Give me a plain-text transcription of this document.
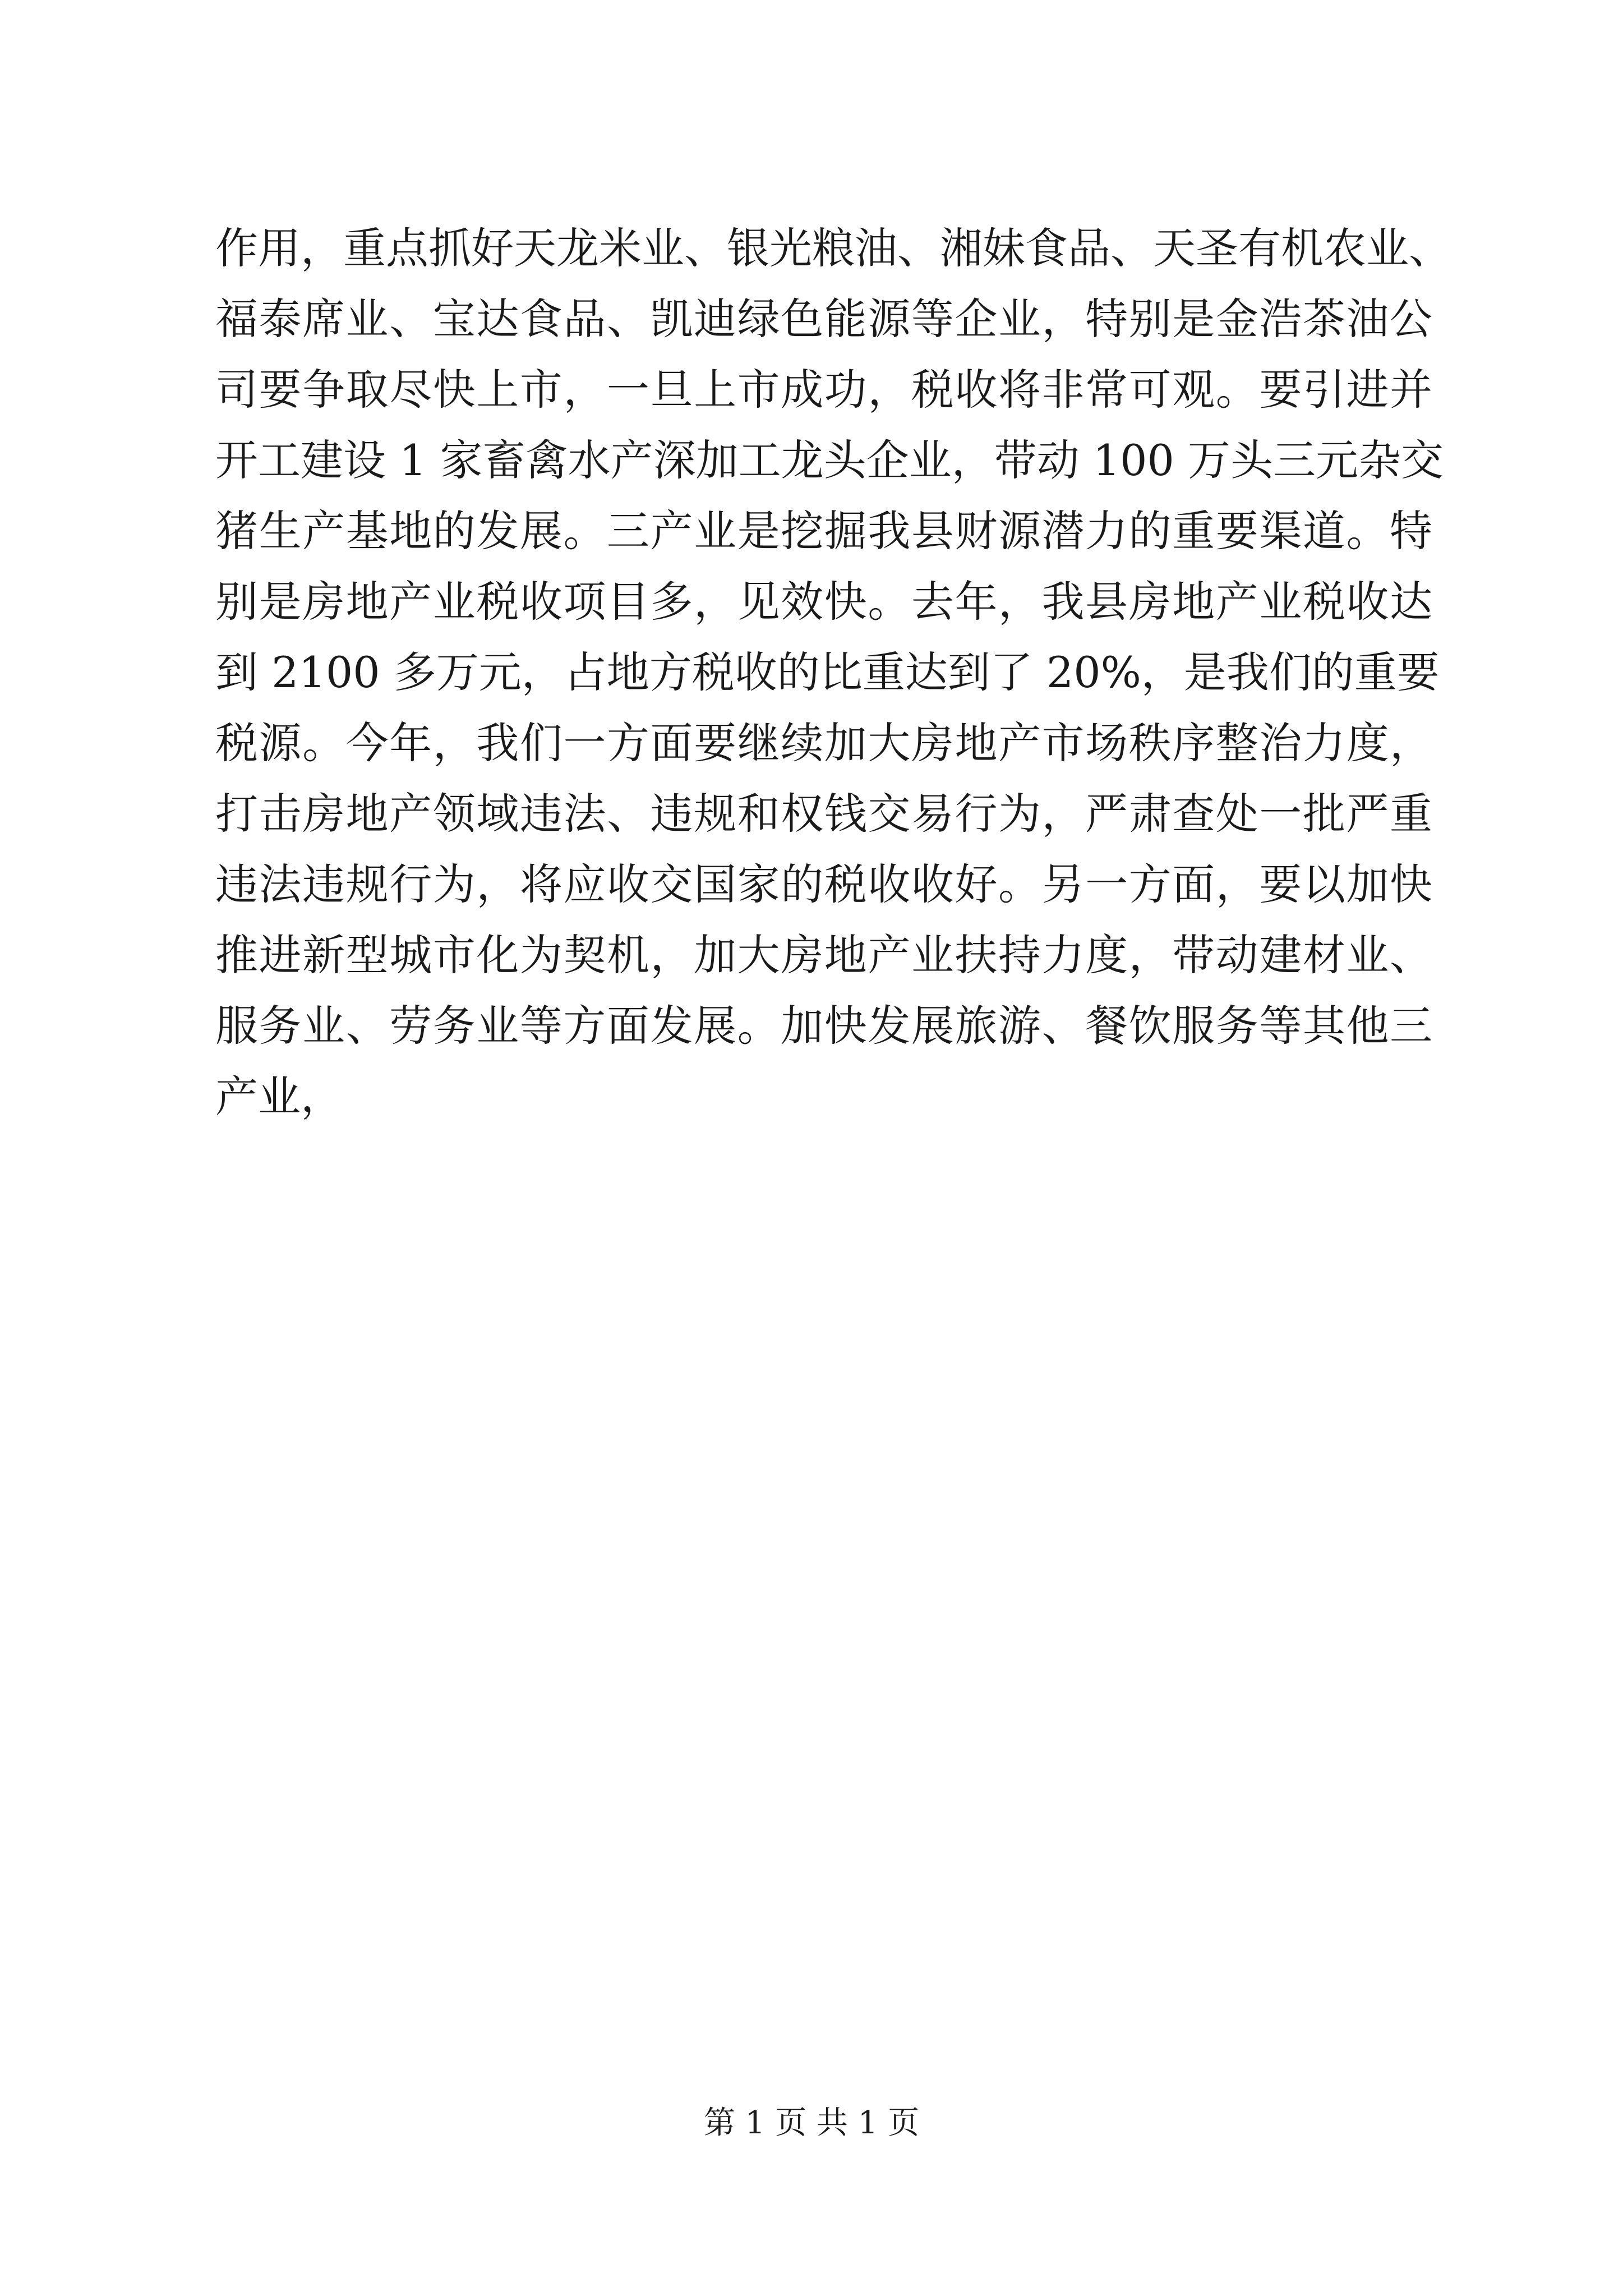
作用，重点抓好天龙米业、银光粮油、湘妹食品、天圣有机农业、
福泰席业、宝达食品、凯迪绿色能源等企业，特别是金浩茶油公
司要争取尽快上市，一旦上市成功，税收将非常可观。要引进并
开工建设 1 家畜禽水产深加工龙头企业，带动 100 万头三元杂交
猪生产基地的发展。三产业是挖掘我县财源潜力的重要渠道。特
别是房地产业税收项目多，见效快。去年，我县房地产业税收达
到 2100 多万元，占地方税收的比重达到了 20%，是我们的重要
税源。今年，我们一方面要继续加大房地产市场秩序整治力度，
打击房地产领域违法、违规和权钱交易行为，严肃查处一批严重
违法违规行为，将应收交国家的税收收好。另一方面，要以加快
推进新型城市化为契机，加大房地产业扶持力度，带动建材业、
服务业、劳务业等方面发展。加快发展旅游、餐饮服务等其他三
产业，
第 1 页 共 1 页
